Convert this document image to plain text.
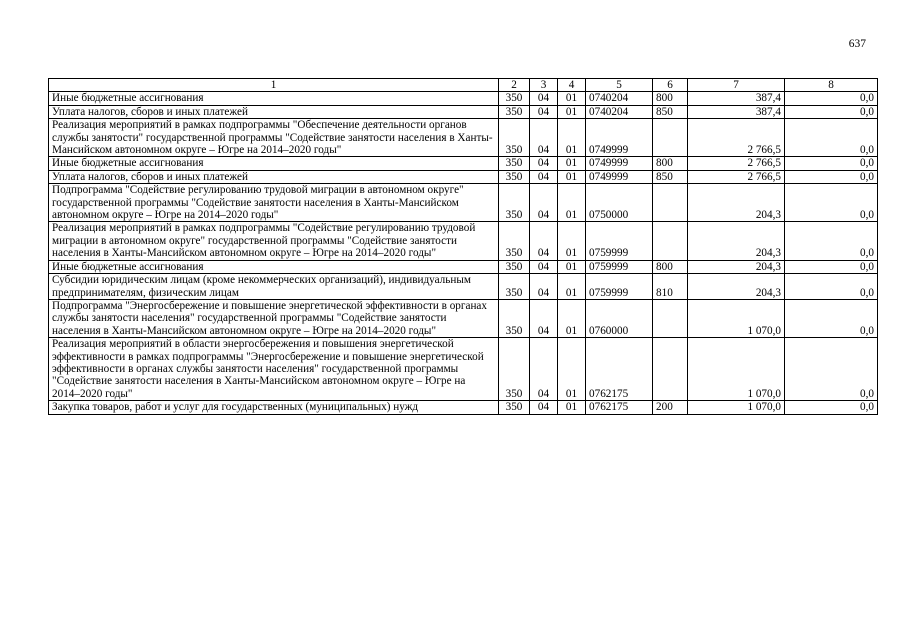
637
1	2	3	4	5	6	7	8
Иные бюджетные ассигнования	350	04	01	0740204	800	387,4	0,0
Уплата налогов, сборов и иных платежей	350	04	01	0740204	850	387,4	0,0
Реализация мероприятий в рамках подпрограммы "Обеспечение деятельности органов службы занятости" государственной программы "Содействие занятости населения в Ханты-Мансийском автономном округе – Югре на 2014–2020 годы"	350	04	01	0749999		2 766,5	0,0
Иные бюджетные ассигнования	350	04	01	0749999	800	2 766,5	0,0
Уплата налогов, сборов и иных платежей	350	04	01	0749999	850	2 766,5	0,0
Подпрограмма "Содействие регулированию трудовой миграции в автономном округе" государственной программы "Содействие занятости населения в Ханты-Мансийском автономном округе – Югре на 2014–2020 годы"	350	04	01	0750000		204,3	0,0
Реализация мероприятий в рамках подпрограммы "Содействие регулированию трудовой миграции в автономном округе" государственной программы "Содействие занятости населения в Ханты-Мансийском автономном округе – Югре на 2014–2020 годы"	350	04	01	0759999		204,3	0,0
Иные бюджетные ассигнования	350	04	01	0759999	800	204,3	0,0
Субсидии юридическим лицам (кроме некоммерческих организаций), индивидуальным предпринимателям, физическим лицам	350	04	01	0759999	810	204,3	0,0
Подпрограмма "Энергосбережение и повышение энергетической эффективности в органах службы занятости населения" государственной программы "Содействие занятости населения в Ханты-Мансийском автономном округе – Югре на 2014–2020 годы"	350	04	01	0760000		1 070,0	0,0
Реализация мероприятий в области энергосбережения и повышения энергетической эффективности в рамках подпрограммы "Энергосбережение и повышение энергетической эффективности в органах службы занятости населения" государственной программы "Содействие занятости населения в Ханты-Мансийском автономном округе – Югре на 2014–2020 годы"	350	04	01	0762175		1 070,0	0,0
Закупка товаров, работ и услуг для государственных (муниципальных) нужд	350	04	01	0762175	200	1 070,0	0,0
